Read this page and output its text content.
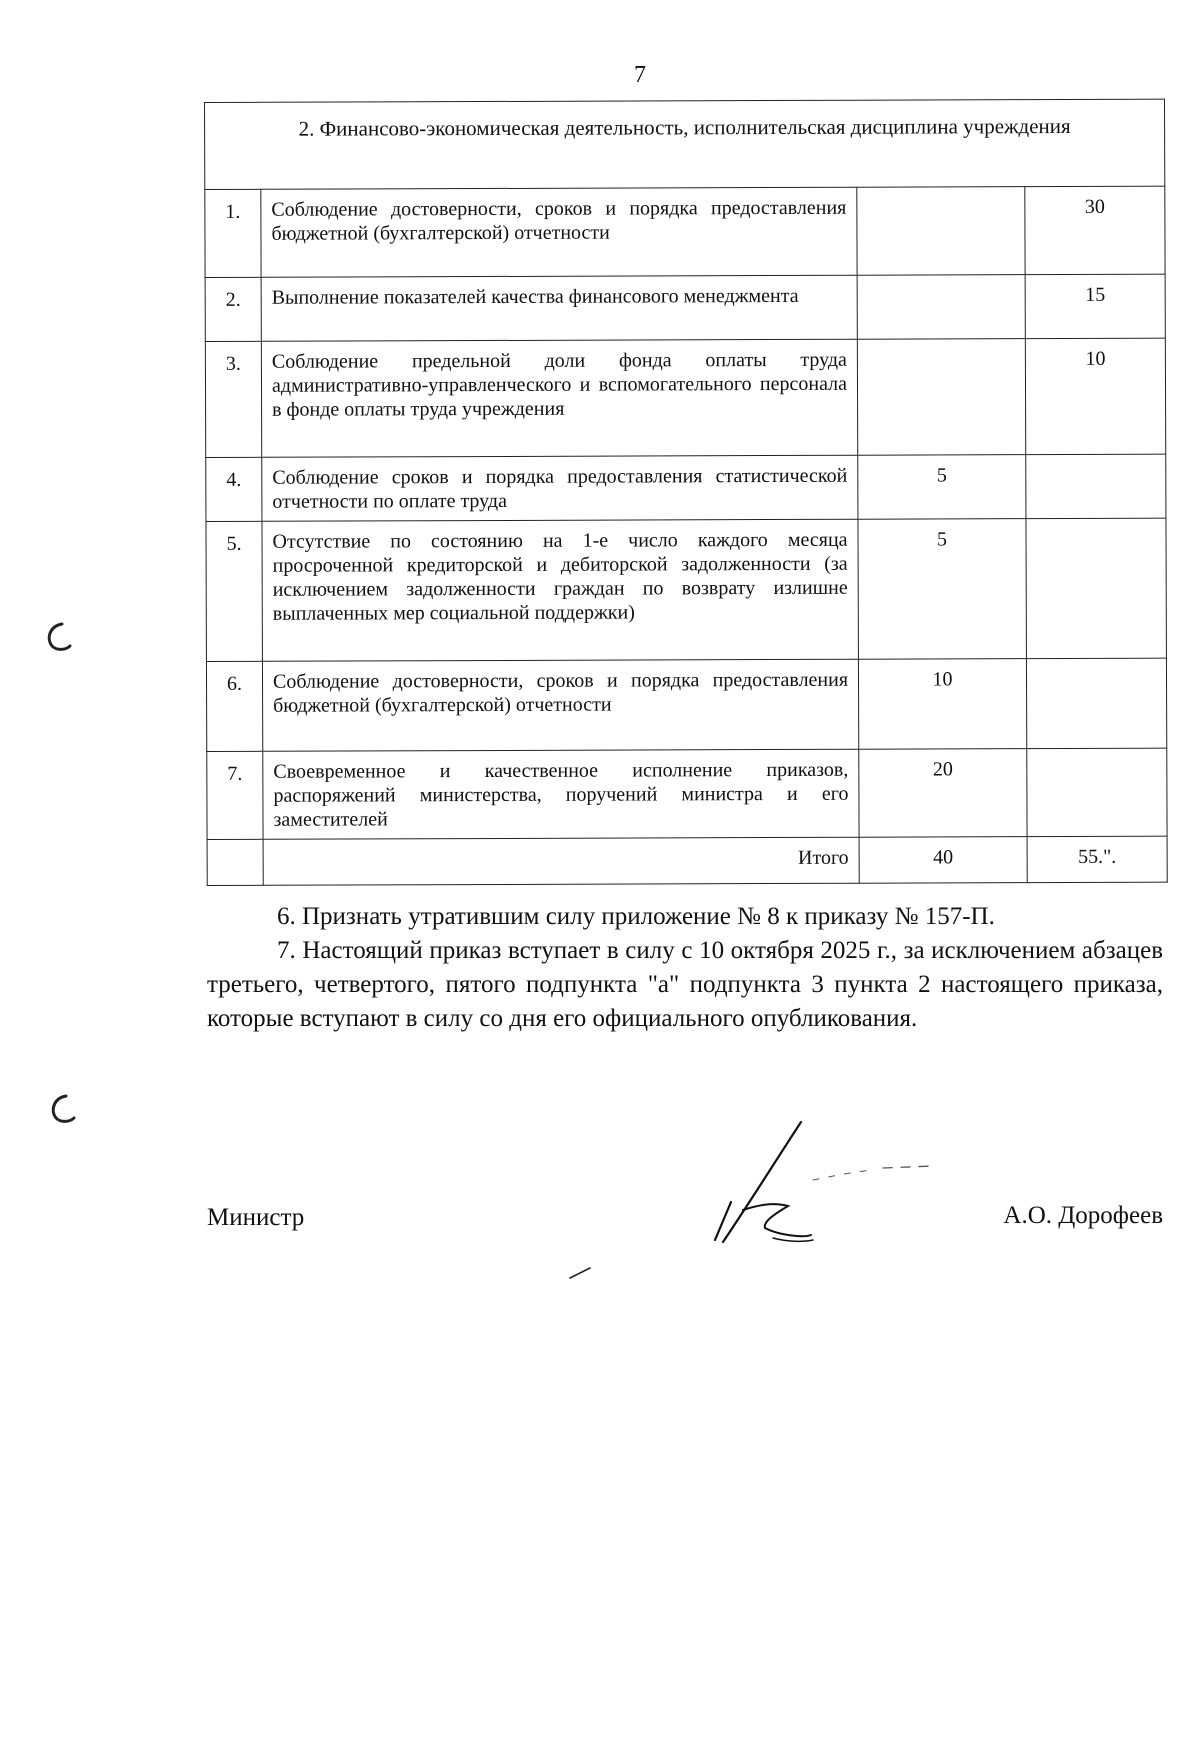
7
2. Финансово-экономическая деятельность, исполнительская дисциплина учреждения			
1.	Соблюдение достоверности, сроков и порядка предоставления бюджетной (бухгалтерской) отчетности		30
2.	Выполнение показателей качества финансового менеджмента		15
3.	Соблюдение предельной доли фонда оплаты труда административно-управленческого и вспомогательного персонала в фонде оплаты труда учреждения		10
4.	Соблюдение сроков и порядка предоставления статистической отчетности по оплате труда	5	
5.	Отсутствие по состоянию на 1-е число каждого месяца просроченной кредиторской и дебиторской задолженности (за исключением задолженности граждан по возврату излишне выплаченных мер социальной поддержки)	5	
6.	Соблюдение достоверности, сроков и порядка предоставления бюджетной (бухгалтерской) отчетности	10	
7.	Своевременное и качественное исполнение приказов, распоряжений министерства, поручений министра и его заместителей	20	
	Итого	40	55.".

6. Признать утратившим силу приложение № 8 к приказу № 157-П.

7. Настоящий приказ вступает в силу с 10 октября 2025 г., за исключением абзацев третьего, четвертого, пятого подпункта "а" подпункта 3 пункта 2 настоящего приказа, которые вступают в силу со дня его официального опубликования.

Министр	А.О. Дорофеев
